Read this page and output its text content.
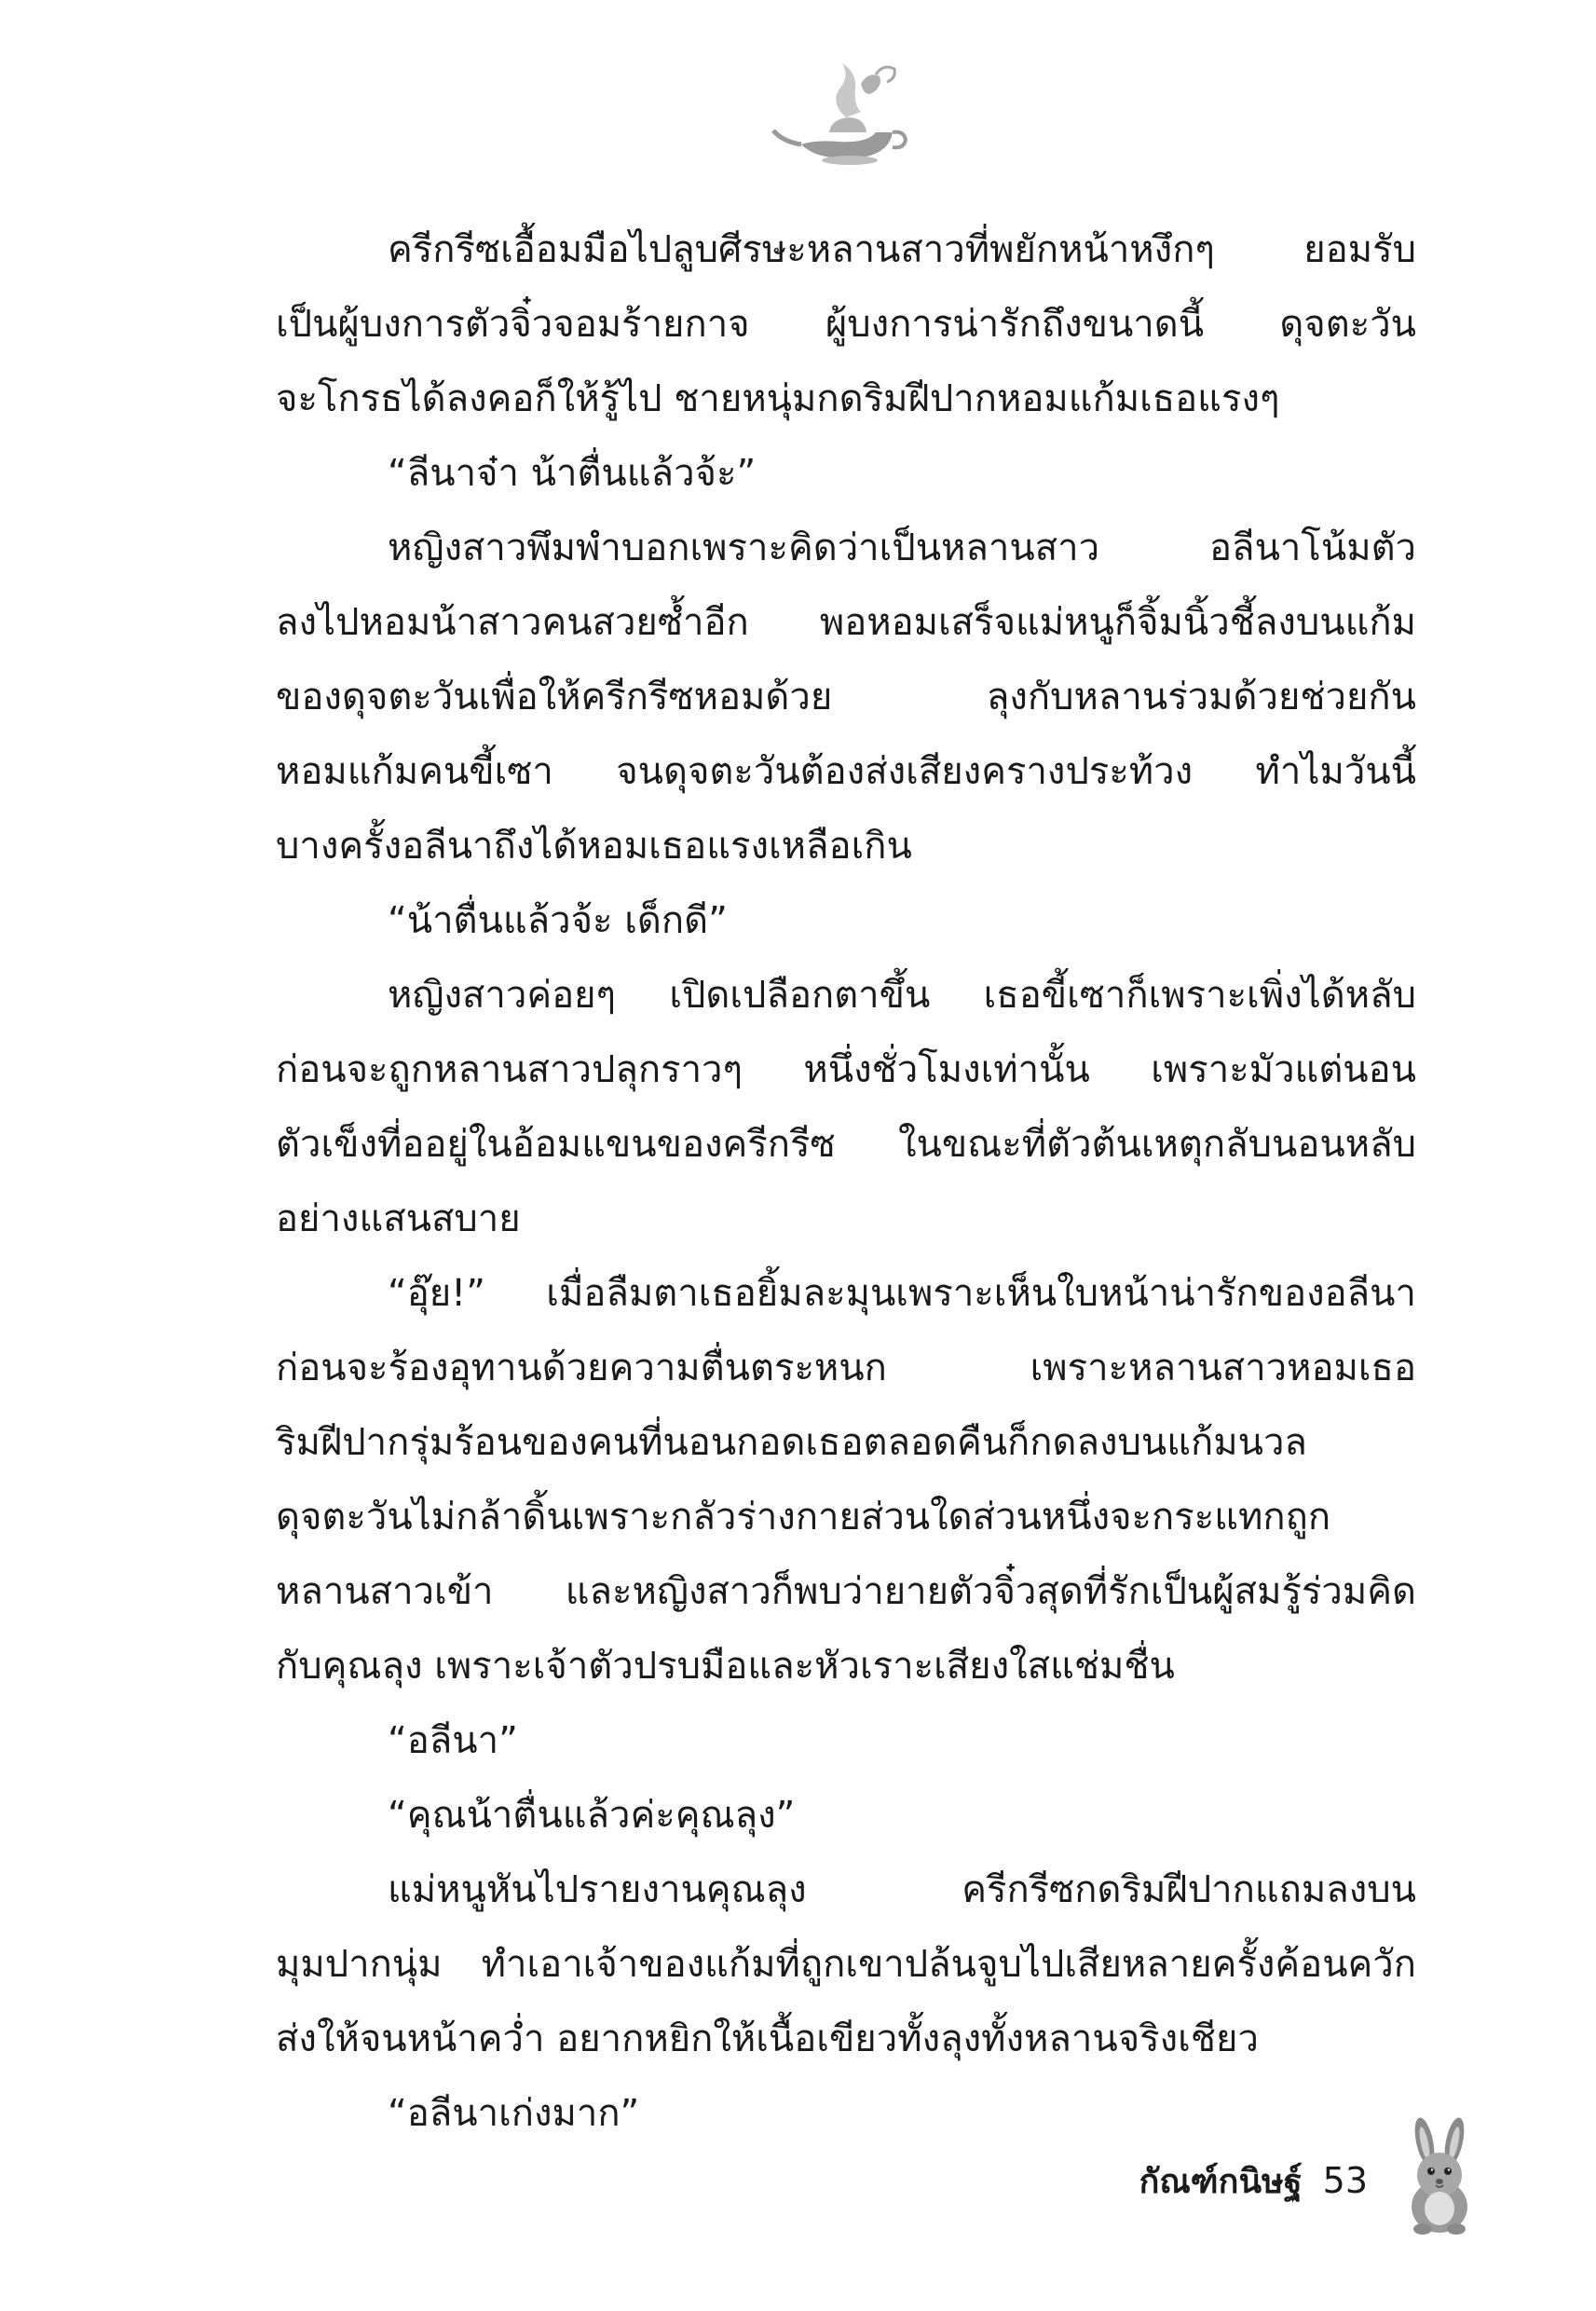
ครีกรีซเอื้อมมือไปลูบศีรษะหลานสาวที่พยักหน้าหงึกๆ ยอมรับ
เป็นผู้บงการตัวจิ๋วจอมร้ายกาจ ผู้บงการน่ารักถึงขนาดนี้ ดุจตะวัน
จะโกรธได้ลงคอก็ให้รู้ไป ชายหนุ่มกดริมฝีปากหอมแก้มเธอแรงๆ
“ลีนาจ๋า น้าตื่นแล้วจ้ะ”
หญิงสาวพึมพำบอกเพราะคิดว่าเป็นหลานสาว อลีนาโน้มตัว
ลงไปหอมน้าสาวคนสวยซ้ำอีก พอหอมเสร็จแม่หนูก็จิ้มนิ้วชี้ลงบนแก้ม
ของดุจตะวันเพื่อให้ครีกรีซหอมด้วย ลุงกับหลานร่วมด้วยช่วยกัน
หอมแก้มคนขี้เซา จนดุจตะวันต้องส่งเสียงครางประท้วง ทำไมวันนี้
บางครั้งอลีนาถึงได้หอมเธอแรงเหลือเกิน
“น้าตื่นแล้วจ้ะ เด็กดี”
หญิงสาวค่อยๆ เปิดเปลือกตาขึ้น เธอขี้เซาก็เพราะเพิ่งได้หลับ
ก่อนจะถูกหลานสาวปลุกราวๆ หนึ่งชั่วโมงเท่านั้น เพราะมัวแต่นอน
ตัวเข็งที่ออยู่ในอ้อมแขนของครีกรีซ ในขณะที่ตัวต้นเหตุกลับนอนหลับ
อย่างแสนสบาย
“อุ๊ย!” เมื่อลืมตาเธอยิ้มละมุนเพราะเห็นใบหน้าน่ารักของอลีนา
ก่อนจะร้องอุทานด้วยความตื่นตระหนก เพราะหลานสาวหอมเธอ
ริมฝีปากรุ่มร้อนของคนที่นอนกอดเธอตลอดคืนก็กดลงบนแก้มนวล
ดุจตะวันไม่กล้าดิ้นเพราะกลัวร่างกายส่วนใดส่วนหนึ่งจะกระแทกถูก
หลานสาวเข้า และหญิงสาวก็พบว่ายายตัวจิ๋วสุดที่รักเป็นผู้สมรู้ร่วมคิด
กับคุณลุง เพราะเจ้าตัวปรบมือและหัวเราะเสียงใสแช่มชื่น
“อลีนา”
“คุณน้าตื่นแล้วค่ะคุณลุง”
แม่หนูหันไปรายงานคุณลุง ครีกรีซกดริมฝีปากแถมลงบน
มุมปากนุ่ม ทำเอาเจ้าของแก้มที่ถูกเขาปล้นจูบไปเสียหลายครั้งค้อนควัก
ส่งให้จนหน้าคว่ำ อยากหยิกให้เนื้อเขียวทั้งลุงทั้งหลานจริงเชียว
“อลีนาเก่งมาก”
กัณฑ์กนิษฐ์ 53
